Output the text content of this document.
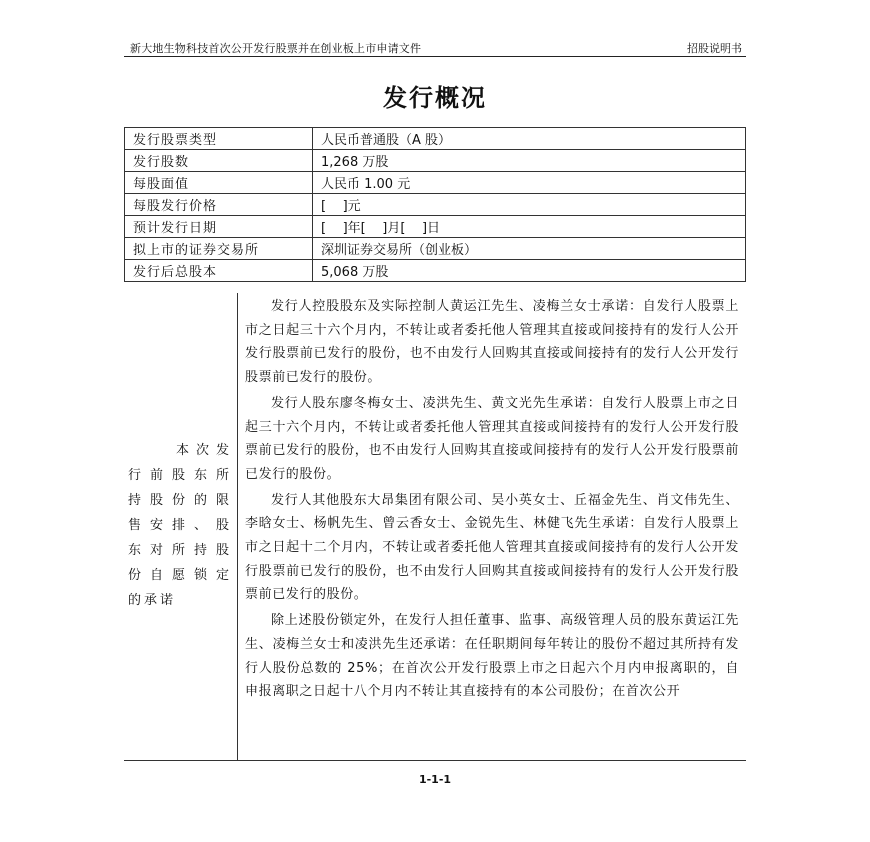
新大地生物科技首次公开发行股票并在创业板上市申请文件	招股说明书
发行概况
发行股票类型	人民币普通股（A 股）
发行股数	1,268 万股
每股面值	人民币 1.00 元
每股发行价格	[    ]元
预计发行日期	[    ]年[    ]月[    ]日
拟上市的证券交易所	深圳证券交易所（创业板）
发行后总股本	5,068 万股
本次发
行前股东所
持股份的限
售安排、股
东对所持股
份自愿锁定
的承诺

发行人控股股东及实际控制人黄运江先生、凌梅兰女士承诺：自发行人股票上市之日起三十六个月内，不转让或者委托他人管理其直接或间接持有的发行人公开发行股票前已发行的股份，也不由发行人回购其直接或间接持有的发行人公开发行股票前已发行的股份。

发行人股东廖冬梅女士、凌洪先生、黄文光先生承诺：自发行人股票上市之日起三十六个月内，不转让或者委托他人管理其直接或间接持有的发行人公开发行股票前已发行的股份，也不由发行人回购其直接或间接持有的发行人公开发行股票前已发行的股份。

发行人其他股东大昂集团有限公司、吴小英女士、丘福金先生、肖文伟先生、李晗女士、杨帆先生、曾云香女士、金锐先生、林健飞先生承诺：自发行人股票上市之日起十二个月内，不转让或者委托他人管理其直接或间接持有的发行人公开发行股票前已发行的股份，也不由发行人回购其直接或间接持有的发行人公开发行股票前已发行的股份。

除上述股份锁定外，在发行人担任董事、监事、高级管理人员的股东黄运江先生、凌梅兰女士和凌洪先生还承诺：在任职期间每年转让的股份不超过其所持有发行人股份总数的 25%；在首次公开发行股票上市之日起六个月内申报离职的，自申报离职之日起十八个月内不转让其直接持有的本公司股份；在首次公开

1-1-1
